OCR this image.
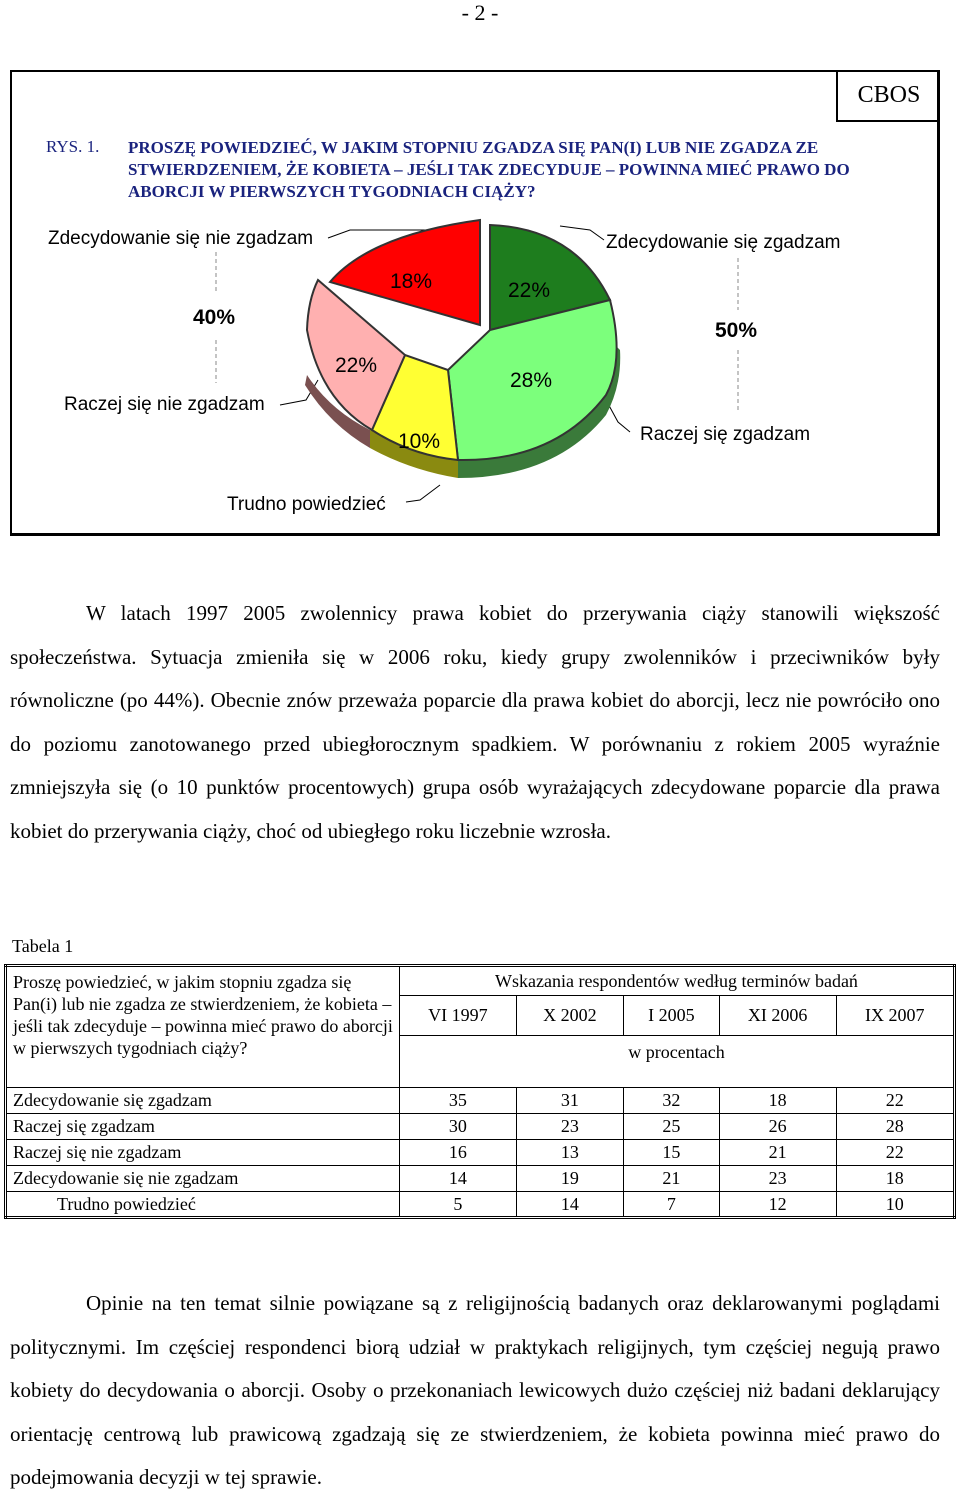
- 2 -
CBOS
RYS. 1. PROSZĘ POWIEDZIEĆ, W JAKIM STOPNIU ZGADZA SIĘ PAN(I) LUB NIE ZGADZA ZE STWIERDZENIEM, ŻE KOBIETA – JEŚLI TAK ZDECYDUJE – POWINNA MIEĆ PRAWO DO ABORCJI W PIERWSZYCH TYGODNIACH CIĄŻY?
22%
28%
10%
22%
18%
Zdecydowanie się nie zgadzam
Raczej się nie zgadzam
Zdecydowanie się zgadzam
Raczej się zgadzam
Trudno powiedzieć
40%
50%
W latach 1997 2005 zwolennicy prawa kobiet do przerywania ciąży stanowili większość społeczeństwa. Sytuacja zmieniła się w 2006 roku, kiedy grupy zwolenników i przeciwników były równoliczne (po 44%). Obecnie znów przeważa poparcie dla prawa kobiet do aborcji, lecz nie powróciło ono do poziomu zanotowanego przed ubiegłorocznym spadkiem. W porównaniu z rokiem 2005 wyraźnie zmniejszyła się (o 10 punktów procentowych) grupa osób wyrażających zdecydowane poparcie dla prawa kobiet do przerywania ciąży, choć od ubiegłego roku liczebnie wzrosła.
Tabela 1
Proszę powiedzieć, w jakim stopniu zgadza się Pan(i) lub nie zgadza ze stwierdzeniem, że kobieta – jeśli tak zdecyduje – powinna mieć prawo do aborcji w pierwszych tygodniach ciąży?	Wskazania respondentów według terminów badań				
	VI 1997	X 2002	I 2005	XI 2006	IX 2007
	w procentach				
Zdecydowanie się zgadzam	35	31	32	18	22
Raczej się zgadzam	30	23	25	26	28
Raczej się nie zgadzam	16	13	15	21	22
Zdecydowanie się nie zgadzam	14	19	21	23	18
Trudno powiedzieć	5	14	7	12	10
Opinie na ten temat silnie powiązane są z religijnością badanych oraz deklarowanymi poglądami politycznymi. Im częściej respondenci biorą udział w praktykach religijnych, tym częściej negują prawo kobiety do decydowania o aborcji. Osoby o przekonaniach lewicowych dużo częściej niż badani deklarujący orientację centrową lub prawicową zgadzają się ze stwierdzeniem, że kobieta powinna mieć prawo do podejmowania decyzji w tej sprawie.
